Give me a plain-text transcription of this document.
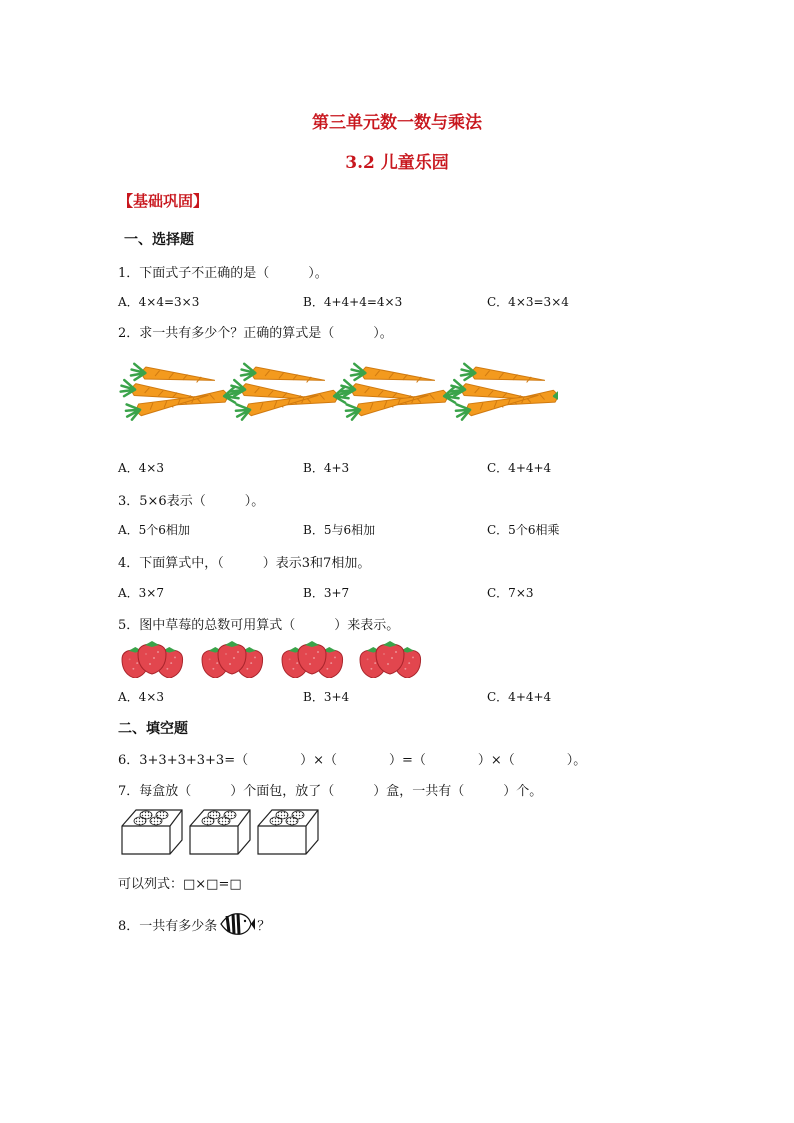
第三单元数一数与乘法
3.2 儿童乐园
【基础巩固】
一、选择题
1．下面式子不正确的是（　　　）。
A．4×4=3×3	B．4+4+4=4×3	C．4×3=3×4
2．求一共有多少个？正确的算式是（　　　）。
A．4×3	B．4+3	C．4+4+4
3．5×6表示（　　　）。
A．5个6相加	B．5与6相加	C．5个6相乘
4．下面算式中，（　　　）表示3和7相加。
A．3×7	B．3+7	C．7×3
5．图中草莓的总数可用算式（　　　）来表示。
A．4×3	B．3+4	C．4+4+4
二、填空题
6．3+3+3+3+3=（　　　　）×（　　　　）=（　　　　）×（　　　　）。
7．每盒放（　　　）个面包，放了（　　　）盒，一共有（　　　）个。
可以列式：□×□=□
8．一共有多少条	？
